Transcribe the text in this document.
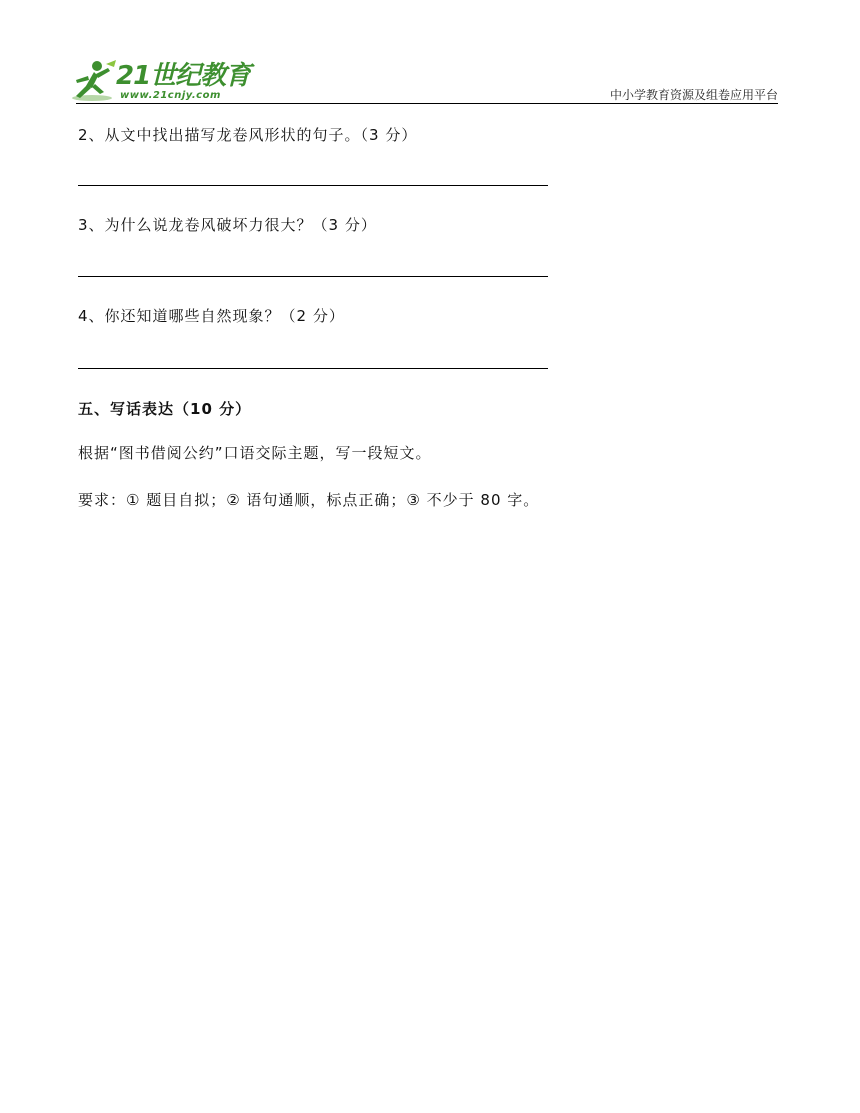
21世纪教育
www.21cnjy.com	中小学教育资源及组卷应用平台
2、从文中找出描写龙卷风形状的句子。（3 分）
3、为什么说龙卷风破坏力很大？（3 分）
4、你还知道哪些自然现象？（2 分）
五、写话表达（10 分）
根据“图书借阅公约”口语交际主题，写一段短文。
要求：① 题目自拟；② 语句通顺，标点正确；③ 不少于 80 字。
